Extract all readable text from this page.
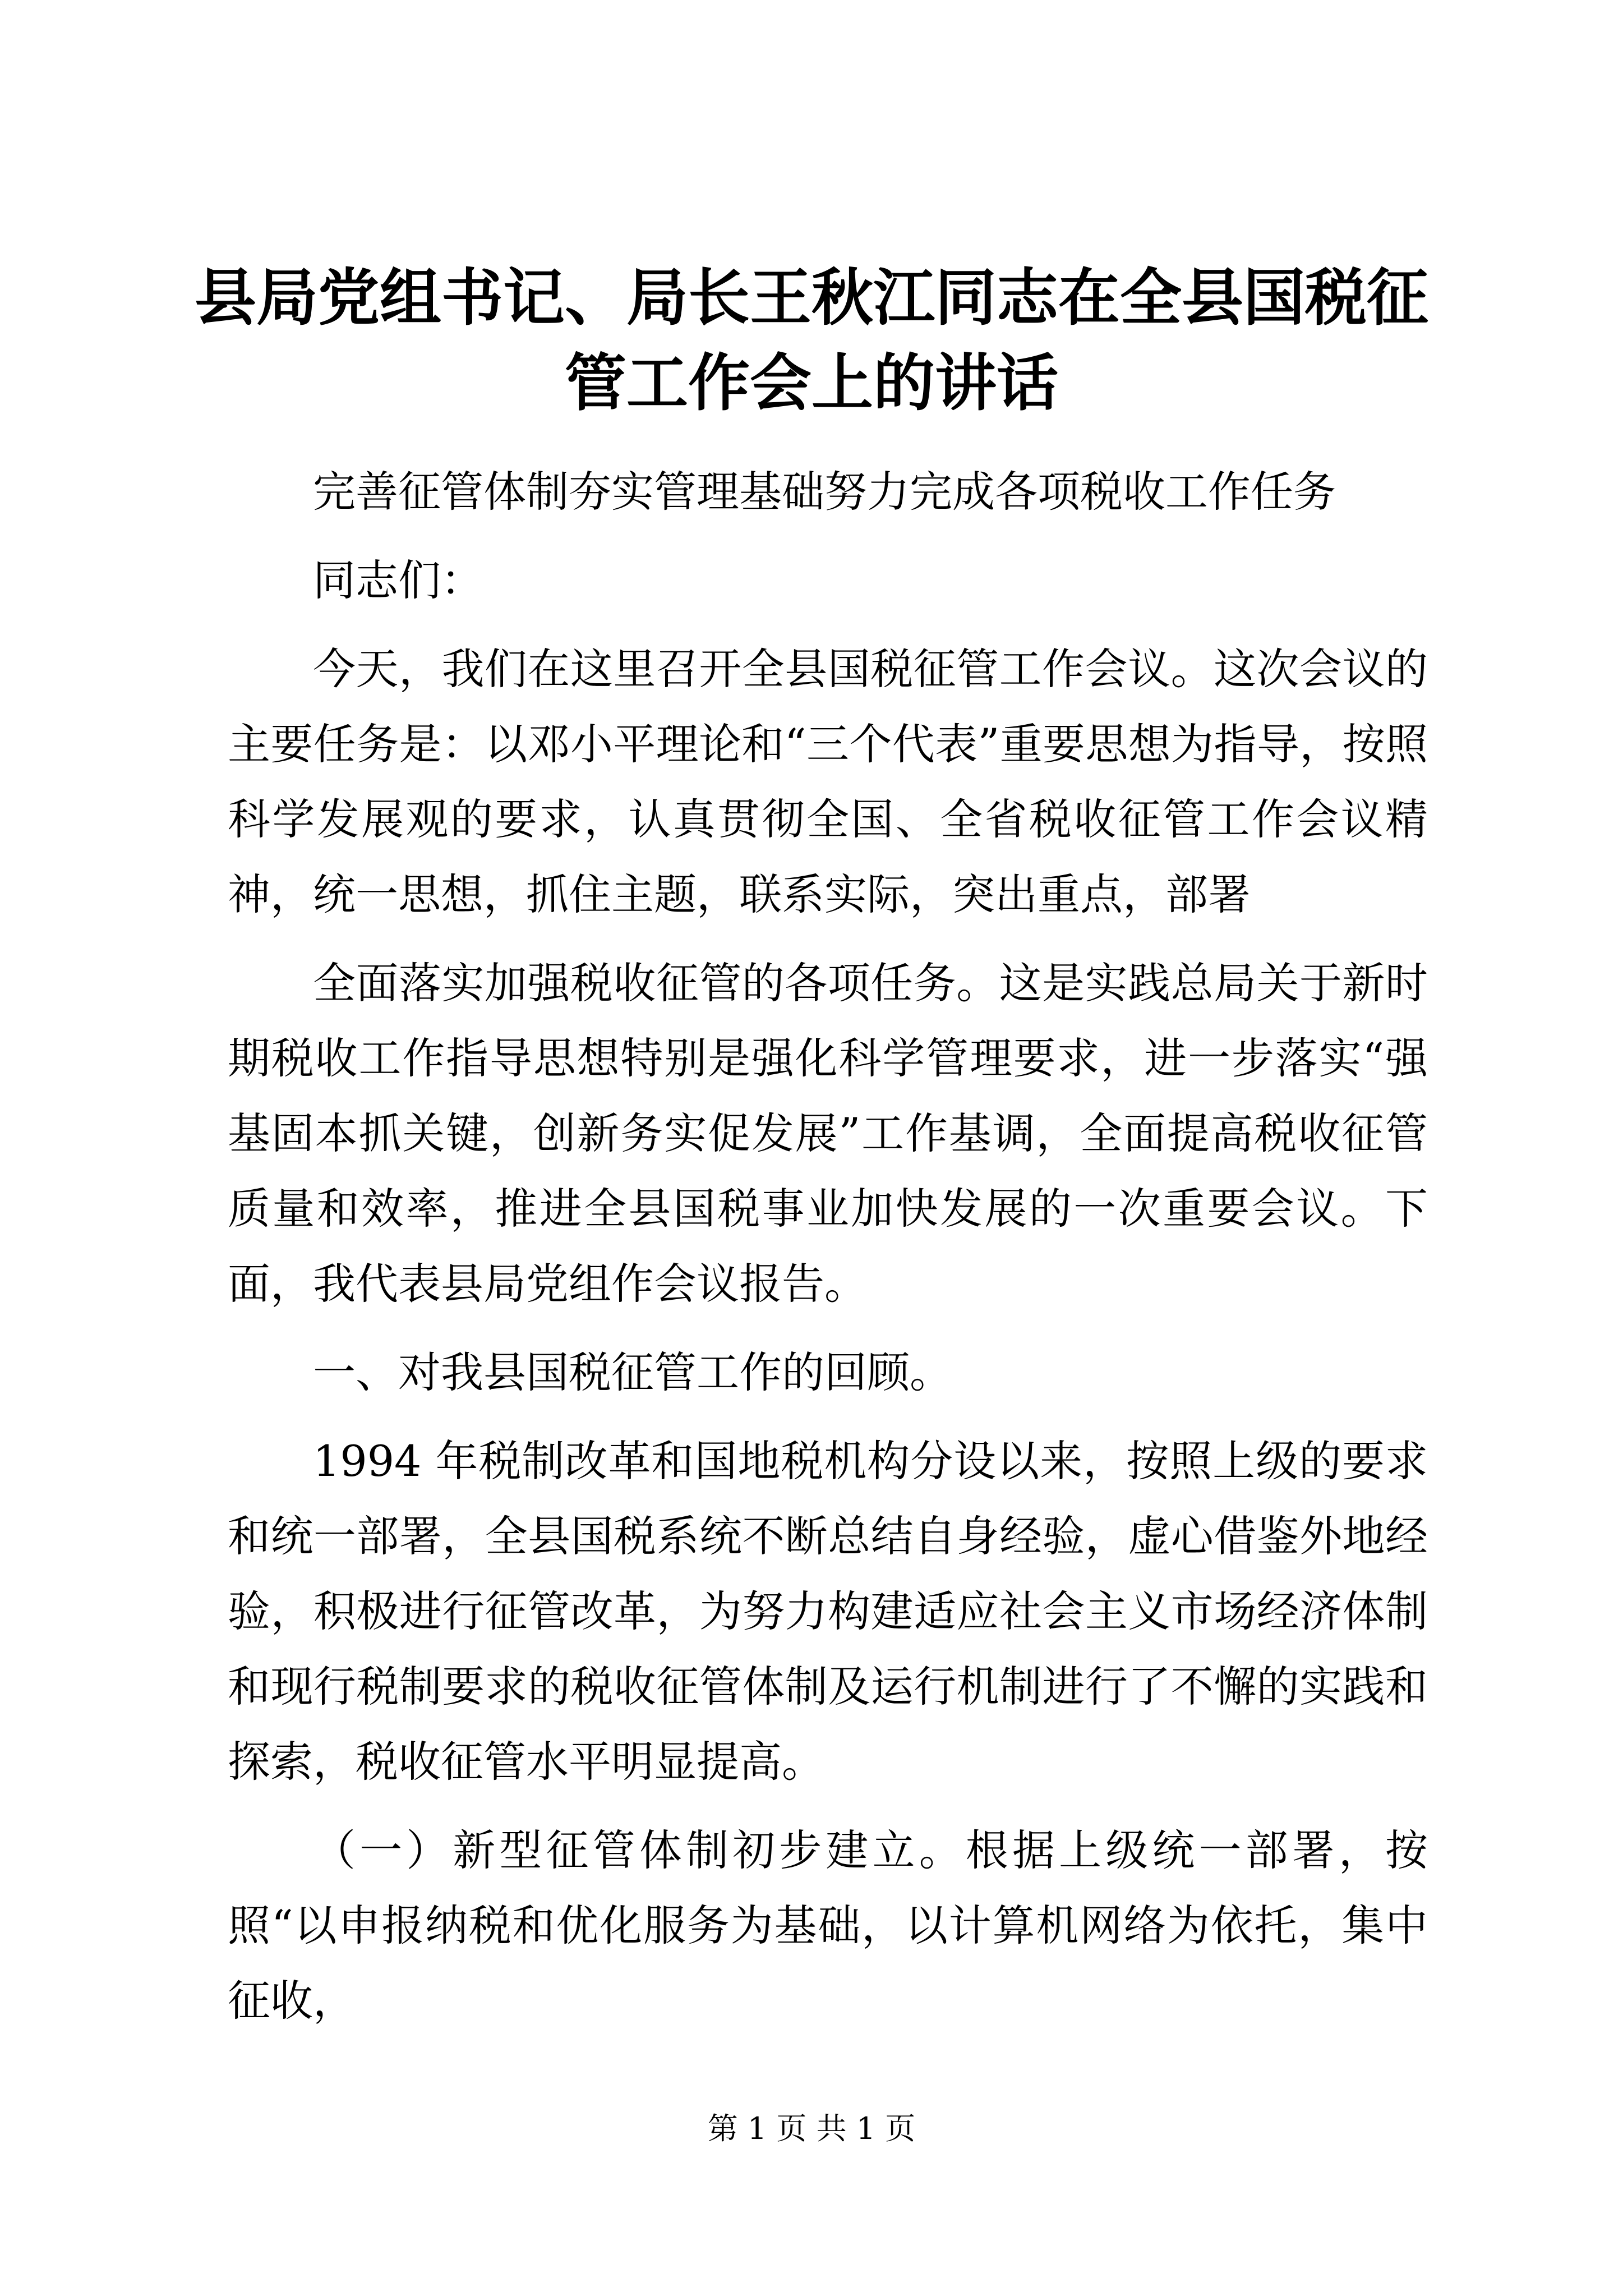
县局党组书记、局长王秋江同志在全县国税征管工作会上的讲话

完善征管体制夯实管理基础努力完成各项税收工作任务

同志们：

今天，我们在这里召开全县国税征管工作会议。这次会议的主要任务是：以邓小平理论和“三个代表”重要思想为指导，按照科学发展观的要求，认真贯彻全国、全省税收征管工作会议精神，统一思想，抓住主题，联系实际，突出重点，部署

全面落实加强税收征管的各项任务。这是实践总局关于新时期税收工作指导思想特别是强化科学管理要求，进一步落实“强基固本抓关键，创新务实促发展”工作基调，全面提高税收征管质量和效率，推进全县国税事业加快发展的一次重要会议。下面，我代表县局党组作会议报告。

一、对我县国税征管工作的回顾。

1994 年税制改革和国地税机构分设以来，按照上级的要求和统一部署，全县国税系统不断总结自身经验，虚心借鉴外地经验，积极进行征管改革，为努力构建适应社会主义市场经济体制和现行税制要求的税收征管体制及运行机制进行了不懈的实践和探索，税收征管水平明显提高。

（一）新型征管体制初步建立。根据上级统一部署，按照“以申报纳税和优化服务为基础，以计算机网络为依托，集中征收，

第 1 页 共 1 页
